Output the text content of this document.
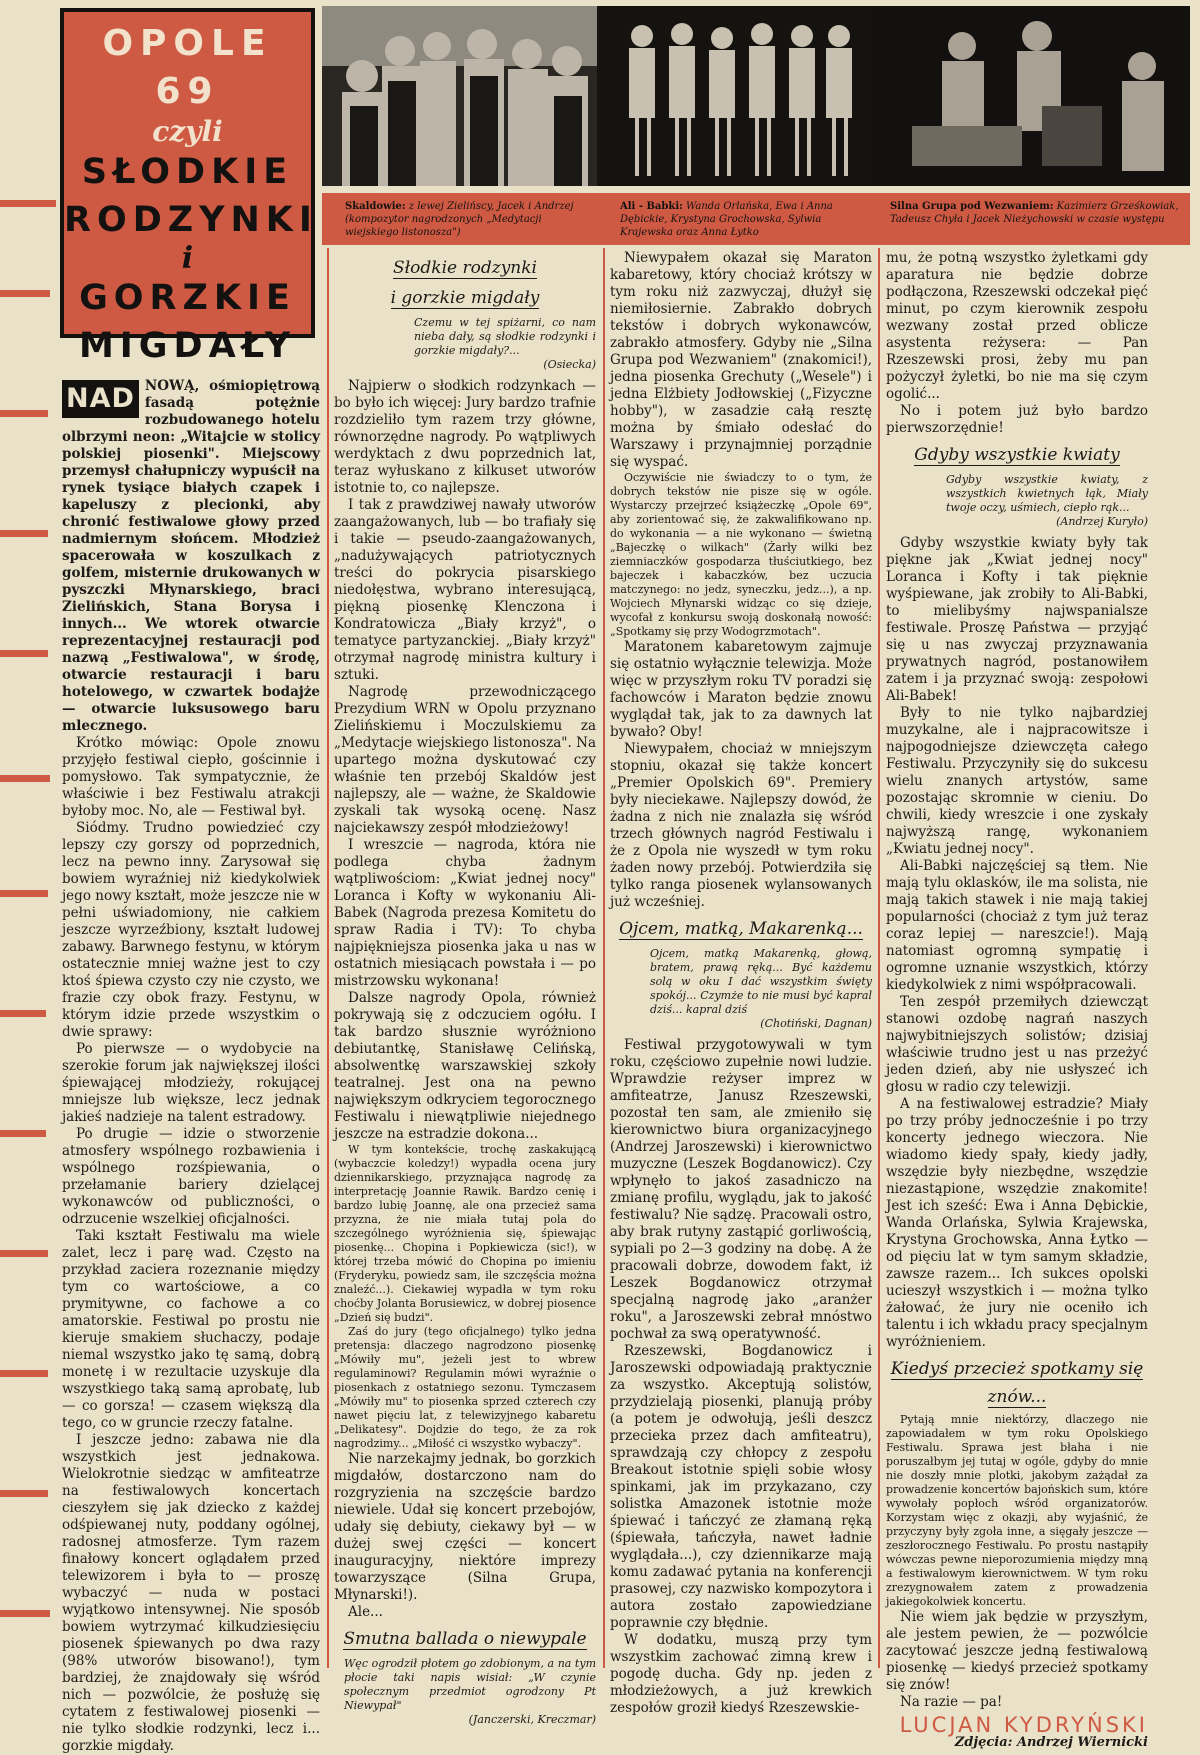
OPOLE 69
czyli
SŁODKIE
RODZYNKI
i
GORZKIE
MIGDAŁY
Skaldowie: z lewej Zielińscy, Jacek i Andrzej (kompozytor nagrodzonych „Medytacji wiejskiego listonosza")
Ali - Babki: Wanda Orlańska, Ewa i Anna Dębickie, Krystyna Grochowska, Sylwia Krajewska oraz Anna Łytko
Silna Grupa pod Wezwaniem: Kazimierz Grześkowiak, Tadeusz Chyła i Jacek Nieżychowski w czasie występu

NAD NOWĄ, ośmiopiętrową fasadą potężnie rozbudowanego hotelu olbrzymi neon: „Witajcie w stolicy polskiej piosenki". Miejscowy przemysł chałupniczy wypuścił na rynek tysiące białych czapek i kapeluszy z plecionki, aby chronić festiwalowe głowy przed nadmiernym słońcem. Młodzież spacerowała w koszulkach z golfem, misternie drukowanych w pyszczki Młynarskiego, braci Zielińskich, Stana Borysa i innych... We wtorek otwarcie reprezentacyjnej restauracji pod nazwą „Festiwalowa", w środę, otwarcie restauracji i baru hotelowego, w czwartek bodajże — otwarcie luksusowego baru mlecznego.

Krótko mówiąc: Opole znowu przyjęło festiwal ciepło, gościnnie i pomysłowo. Tak sympatycznie, że właściwie i bez Festiwalu atrakcji byłoby moc. No, ale — Festiwal był.

Siódmy. Trudno powiedzieć czy lepszy czy gorszy od poprzednich, lecz na pewno inny. Zarysował się bowiem wyraźniej niż kiedykolwiek jego nowy kształt, może jeszcze nie w pełni uświadomiony, nie całkiem jeszcze wyrzeźbiony, kształt ludowej zabawy. Barwnego festynu, w którym ostatecznie mniej ważne jest to czy ktoś śpiewa czysto czy nie czysto, we frazie czy obok frazy. Festynu, w którym idzie przede wszystkim o dwie sprawy:

Po pierwsze — o wydobycie na szerokie forum jak największej ilości śpiewającej młodzieży, rokującej mniejsze lub większe, lecz jednak jakieś nadzieje na talent estradowy.

Po drugie — idzie o stworzenie atmosfery wspólnego rozbawienia i wspólnego rozśpiewania, o przełamanie bariery dzielącej wykonawców od publiczności, o odrzucenie wszelkiej oficjalności.

Taki kształt Festiwalu ma wiele zalet, lecz i parę wad. Często na przykład zaciera rozeznanie między tym co wartościowe, a co prymitywne, co fachowe a co amatorskie. Festiwal po prostu nie kieruje smakiem słuchaczy, podaje niemal wszystko jako tę samą, dobrą monetę i w rezultacie uzyskuje dla wszystkiego taką samą aprobatę, lub — co gorsza! — czasem większą dla tego, co w gruncie rzeczy fatalne.

I jeszcze jedno: zabawa nie dla wszystkich jest jednakowa. Wielokrotnie siedząc w amfiteatrze na festiwalowych koncertach cieszyłem się jak dziecko z każdej odśpiewanej nuty, poddany ogólnej, radosnej atmosferze. Tym razem finałowy koncert oglądałem przed telewizorem i była to — proszę wybaczyć — nuda w postaci wyjątkowo intensywnej. Nie sposób bowiem wytrzymać kilkudziesięciu piosenek śpiewanych po dwa razy (98% utworów bisowano!), tym bardziej, że znajdowały się wśród nich — pozwólcie, że posłużę się cytatem z festiwalowej piosenki — nie tylko słodkie rodzynki, lecz i... gorzkie migdały.

Słodkie rodzynki
i gorzkie migdały
Czemu w tej spiżarni, co nam nieba dały, są słodkie rodzynki i gorzkie migdały?...
(Osiecka)

Najpierw o słodkich rodzynkach — bo było ich więcej: Jury bardzo trafnie rozdzieliło tym razem trzy główne, równorzędne nagrody. Po wątpliwych werdyktach z dwu poprzednich lat, teraz wyłuskano z kilkuset utworów istotnie to, co najlepsze.

I tak z prawdziwej nawały utworów zaangażowanych, lub — bo trafiały się i takie — pseudo-zaangażowanych, „nadużywających patriotycznych treści do pokrycia pisarskiego niedołęstwa, wybrano interesującą, piękną piosenkę Klenczona i Kondratowicza „Biały krzyż", o tematyce partyzanckiej. „Biały krzyż" otrzymał nagrodę ministra kultury i sztuki.

Nagrodę przewodniczącego Prezydium WRN w Opolu przyznano Zielińskiemu i Moczulskiemu za „Medytacje wiejskiego listonosza". Na upartego można dyskutować czy właśnie ten przebój Skaldów jest najlepszy, ale — ważne, że Skaldowie zyskali tak wysoką ocenę. Nasz najciekawszy zespół młodzieżowy!

I wreszcie — nagroda, która nie podlega chyba żadnym wątpliwościom: „Kwiat jednej nocy" Loranca i Kofty w wykonaniu Ali-Babek (Nagroda prezesa Komitetu do spraw Radia i TV): To chyba najpiękniejsza piosenka jaka u nas w ostatnich miesiącach powstała i — po mistrzowsku wykonana!

Dalsze nagrody Opola, również pokrywają się z odczuciem ogółu. I tak bardzo słusznie wyróżniono debiutantkę, Stanisławę Celińską, absolwentkę warszawskiej szkoły teatralnej. Jest ona na pewno największym odkryciem tegorocznego Festiwalu i niewątpliwie niejednego jeszcze na estradzie dokona...

W tym kontekście, trochę zaskakującą (wybaczcie koledzy!) wypadła ocena jury dziennikarskiego, przyznająca nagrodę za interpretację Joannie Rawik. Bardzo cenię i bardzo lubię Joannę, ale ona przecież sama przyzna, że nie miała tutaj pola do szczególnego wyróżnienia się, śpiewając piosenkę... Chopina i Popkiewicza (sic!), w której trzeba mówić do Chopina po imieniu (Fryderyku, powiedz sam, ile szczęścia można znaleźć...). Ciekawiej wypadła w tym roku choćby Jolanta Borusiewicz, w dobrej piosence „Dzień się budzi".

Zaś do jury (tego oficjalnego) tylko jedna pretensja: dlaczego nagrodzono piosenkę „Mówiły mu", jeżeli jest to wbrew regulaminowi? Regulamin mówi wyraźnie o piosenkach z ostatniego sezonu. Tymczasem „Mówiły mu" to piosenka sprzed czterech czy nawet pięciu lat, z telewizyjnego kabaretu „Delikatesy". Dojdzie do tego, że za rok nagrodzimy... „Miłość ci wszystko wybaczy".

Nie narzekajmy jednak, bo gorzkich migdałów, dostarczono nam do rozgryzienia na szczęście bardzo niewiele. Udał się koncert przebojów, udały się debiuty, ciekawy był — w dużej swej części — koncert inauguracyjny, niektóre imprezy towarzyszące (Silna Grupa, Młynarski!).

Ale...

Smutna ballada o niewypale
Węc ogrodził płotem go zdobionym, a na tym płocie taki napis wisiał: „W czynie społecznym przedmiot ogrodzony Pt Niewypał"
(Janczerski, Kreczmar)

Niewypałem okazał się Maraton kabaretowy, który chociaż krótszy w tym roku niż zazwyczaj, dłużył się niemiłosiernie. Zabrakło dobrych tekstów i dobrych wykonawców, zabrakło atmosfery. Gdyby nie „Silna Grupa pod Wezwaniem" (znakomici!), jedna piosenka Grechuty („Wesele") i jedna Elżbiety Jodłowskiej („Fizyczne hobby"), w zasadzie całą resztę można by śmiało odesłać do Warszawy i przynajmniej porządnie się wyspać.

Oczywiście nie świadczy to o tym, że dobrych tekstów nie pisze się w ogóle. Wystarczy przejrzeć książeczkę „Opole 69", aby zorientować się, że zakwalifikowano np. do wykonania — a nie wykonano — świetną „Bajeczkę o wilkach" (Żarły wilki bez ziemniaczków gospodarza tłuściutkiego, bez bajeczek i kabaczków, bez uczucia matczynego: no jedz, syneczku, jedz...), a np. Wojciech Młynarski widząc co się dzieje, wycofał z konkursu swoją doskonałą nowość: „Spotkamy się przy Wodogrzmotach".

Maratonem kabaretowym zajmuje się ostatnio wyłącznie telewizja. Może więc w przyszłym roku TV poradzi się fachowców i Maraton będzie znowu wyglądał tak, jak to za dawnych lat bywało? Oby!

Niewypałem, chociaż w mniejszym stopniu, okazał się także koncert „Premier Opolskich 69". Premiery były nieciekawe. Najlepszy dowód, że żadna z nich nie znalazła się wśród trzech głównych nagród Festiwalu i że z Opola nie wyszedł w tym roku żaden nowy przebój. Potwierdziła się tylko ranga piosenek wylansowanych już wcześniej.

Ojcem, matką, Makarenką...
Ojcem, matką Makarenką, głową, bratem, prawą ręką... Być każdemu solą w oku I dać wszystkim święty spokój... Czymże to nie musi być kapral dziś... kapral dziś
(Chotiński, Dagnan)

Festiwal przygotowywali w tym roku, częściowo zupełnie nowi ludzie. Wprawdzie reżyser imprez w amfiteatrze, Janusz Rzeszewski, pozostał ten sam, ale zmieniło się kierownictwo biura organizacyjnego (Andrzej Jaroszewski) i kierownictwo muzyczne (Leszek Bogdanowicz). Czy wpłynęło to jakoś zasadniczo na zmianę profilu, wyglądu, jak to jakość festiwalu? Nie sądzę. Pracowali ostro, aby brak rutyny zastąpić gorliwością, sypiali po 2—3 godziny na dobę. A że pracowali dobrze, dowodem fakt, iż Leszek Bogdanowicz otrzymał specjalną nagrodę jako „aranżer roku", a Jaroszewski zebrał mnóstwo pochwał za swą operatywność.

Rzeszewski, Bogdanowicz i Jaroszewski odpowiadają praktycznie za wszystko. Akceptują solistów, przydzielają piosenki, planują próby (a potem je odwołują, jeśli deszcz przecieka przez dach amfiteatru), sprawdzają czy chłopcy z zespołu Breakout istotnie spięli sobie włosy spinkami, jak im przykazano, czy solistka Amazonek istotnie może śpiewać i tańczyć ze złamaną ręką (śpiewała, tańczyła, nawet ładnie wyglądała...), czy dziennikarze mają komu zadawać pytania na konferencji prasowej, czy nazwisko kompozytora i autora zostało zapowiedziane poprawnie czy błędnie.

W dodatku, muszą przy tym wszystkim zachować zimną krew i pogodę ducha. Gdy np. jeden z młodzieżowych, a już krewkich zespołów groził kiedyś Rzeszewskie-

mu, że potną wszystko żyletkami gdy aparatura nie będzie dobrze podłączona, Rzeszewski odczekał pięć minut, po czym kierownik zespołu wezwany został przed oblicze asystenta reżysera: — Pan Rzeszewski prosi, żeby mu pan pożyczył żyletki, bo nie ma się czym ogolić...

No i potem już było bardzo pierwszorzędnie!

Gdyby wszystkie kwiaty
Gdyby wszystkie kwiaty, z wszystkich kwietnych łąk, Miały twoje oczy, uśmiech, ciepło rąk...
(Andrzej Kuryło)

Gdyby wszystkie kwiaty były tak piękne jak „Kwiat jednej nocy" Loranca i Kofty i tak pięknie wyśpiewane, jak zrobiły to Ali-Babki, to mielibyśmy najwspanialsze festiwale. Proszę Państwa — przyjąć się u nas zwyczaj przyznawania prywatnych nagród, postanowiłem zatem i ja przyznać swoją: zespołowi Ali-Babek!

Były to nie tylko najbardziej muzykalne, ale i najpracowitsze i najpogodniejsze dziewczęta całego Festiwalu. Przyczyniły się do sukcesu wielu znanych artystów, same pozostając skromnie w cieniu. Do chwili, kiedy wreszcie i one zyskały najwyższą rangę, wykonaniem „Kwiatu jednej nocy".

Ali-Babki najczęściej są tłem. Nie mają tylu oklasków, ile ma solista, nie mają takich stawek i nie mają takiej popularności (chociaż z tym już teraz coraz lepiej — nareszcie!). Mają natomiast ogromną sympatię i ogromne uznanie wszystkich, którzy kiedykolwiek z nimi współpracowali.

Ten zespół przemiłych dziewcząt stanowi ozdobę nagrań naszych najwybitniejszych solistów; dzisiaj właściwie trudno jest u nas przeżyć jeden dzień, aby nie usłyszeć ich głosu w radio czy telewizji.

A na festiwalowej estradzie? Miały po trzy próby jednocześnie i po trzy koncerty jednego wieczora. Nie wiadomo kiedy spały, kiedy jadły, wszędzie były niezbędne, wszędzie niezastąpione, wszędzie znakomite! Jest ich sześć: Ewa i Anna Dębickie, Wanda Orlańska, Sylwia Krajewska, Krystyna Grochowska, Anna Łytko — od pięciu lat w tym samym składzie, zawsze razem... Ich sukces opolski ucieszył wszystkich i — można tylko żałować, że jury nie oceniło ich talentu i ich wkładu pracy specjalnym wyróżnieniem.

Kiedyś przecież spotkamy się
znów...

Pytają mnie niektórzy, dlaczego nie zapowiadałem w tym roku Opolskiego Festiwalu. Sprawa jest błaha i nie poruszałbym jej tutaj w ogóle, gdyby do mnie nie doszły mnie plotki, jakobym zażądał za prowadzenie koncertów bajońskich sum, które wywołały popłoch wśród organizatorów. Korzystam więc z okazji, aby wyjaśnić, że przyczyny były zgoła inne, a sięgały jeszcze — zeszłorocznego Festiwalu. Po prostu nastąpiły wówczas pewne nieporozumienia między mną a festiwalowym kierownictwem. W tym roku zrezygnowałem zatem z prowadzenia jakiegokolwiek koncertu.

Nie wiem jak będzie w przyszłym, ale jestem pewien, że — pozwólcie zacytować jeszcze jedną festiwalową piosenkę — kiedyś przecież spotkamy się znów!

Na razie — pa!

LUCJAN KYDRYŃSKI
Zdjęcia: Andrzej Wiernicki
